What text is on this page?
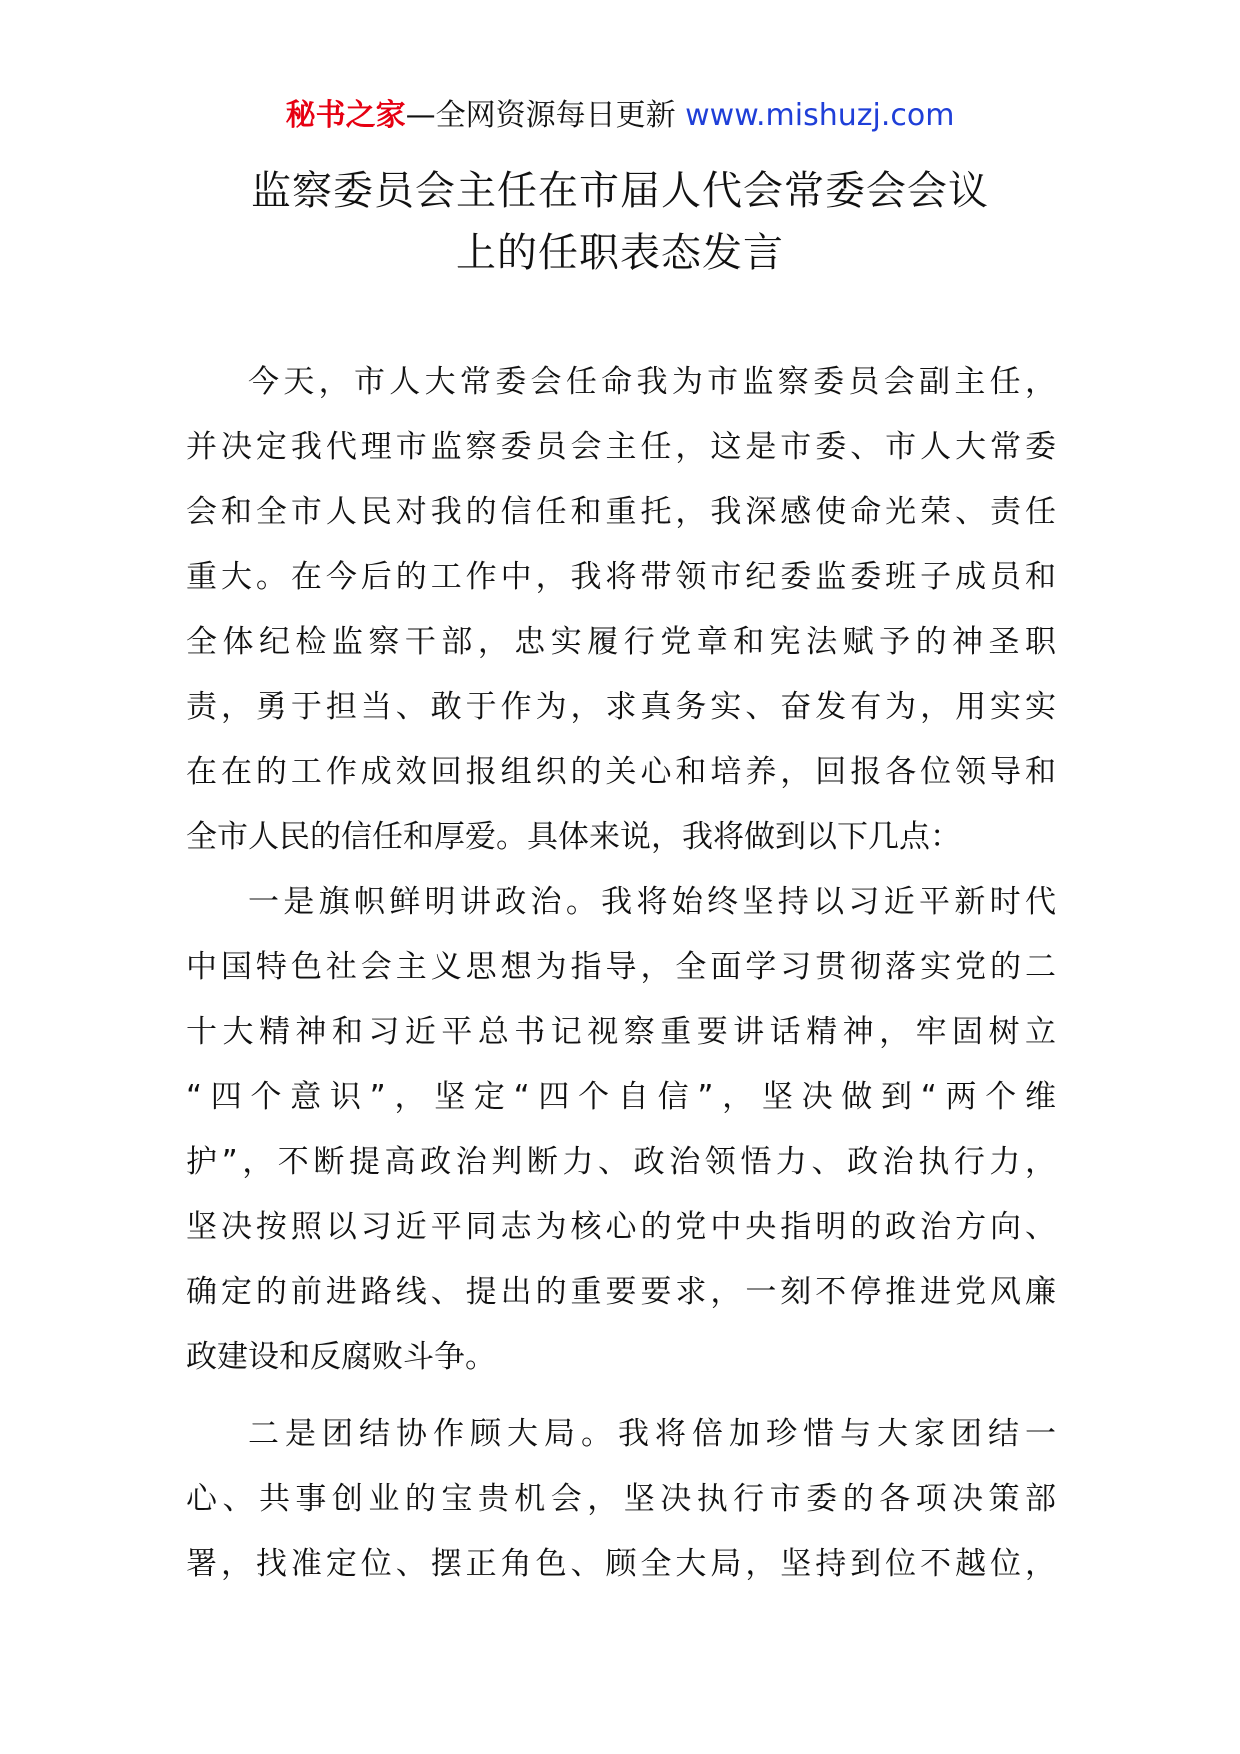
秘书之家—全网资源每日更新 www.mishuzj.com
监察委员会主任在市届人代会常委会会议
上的任职表态发言
今天，市人大常委会任命我为市监察委员会副主任，
并决定我代理市监察委员会主任，这是市委、市人大常委
会和全市人民对我的信任和重托，我深感使命光荣、责任
重大。在今后的工作中，我将带领市纪委监委班子成员和
全体纪检监察干部，忠实履行党章和宪法赋予的神圣职
责，勇于担当、敢于作为，求真务实、奋发有为，用实实
在在的工作成效回报组织的关心和培养，回报各位领导和
全市人民的信任和厚爱。具体来说，我将做到以下几点：
一是旗帜鲜明讲政治。我将始终坚持以习近平新时代
中国特色社会主义思想为指导，全面学习贯彻落实党的二
十大精神和习近平总书记视察重要讲话精神，牢固树立
“四个意识”，坚定“四个自信”，坚决做到“两个维
护”，不断提高政治判断力、政治领悟力、政治执行力，
坚决按照以习近平同志为核心的党中央指明的政治方向、
确定的前进路线、提出的重要要求，一刻不停推进党风廉
政建设和反腐败斗争。
二是团结协作顾大局。我将倍加珍惜与大家团结一
心、共事创业的宝贵机会，坚决执行市委的各项决策部
署，找准定位、摆正角色、顾全大局，坚持到位不越位，
